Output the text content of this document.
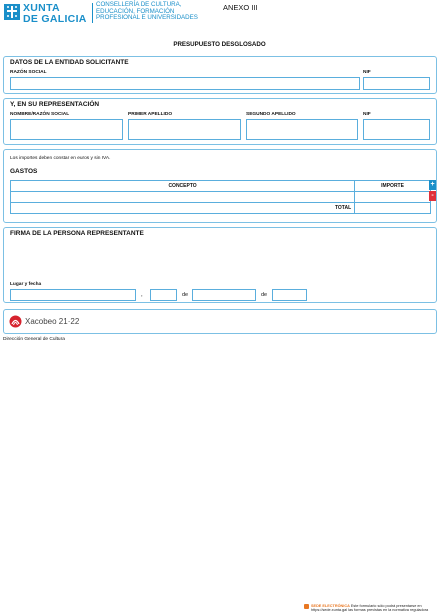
XUNTA
DE GALICIA
CONSELLERÍA DE CULTURA,
EDUCACIÓN, FORMACIÓN
PROFESIONAL E UNIVERSIDADES
ANEXO III
PRESUPUESTO DESGLOSADO
DATOS DE LA ENTIDAD SOLICITANTE
RAZÓN SOCIAL	NIF
Y, EN SU REPRESENTACIÓN
NOMBRE/RAZÓN SOCIAL	PRIMER APELLIDO	SEGUNDO APELLIDO	NIF
Los importes deben constar en euros y sin IVA.
GASTOS
CONCEPTO	IMPORTE

TOTAL	
+
-
FIRMA DE LA PERSONA REPRESENTANTE
Lugar y fecha
,	de	de
Xacobeo 21·22
Dirección General de Cultura
SEDE ELECTRÓNICA Este formulario sólo podrá presentarse en
https://sede.xunta.gal las formas previstas en la normativa reguladora
